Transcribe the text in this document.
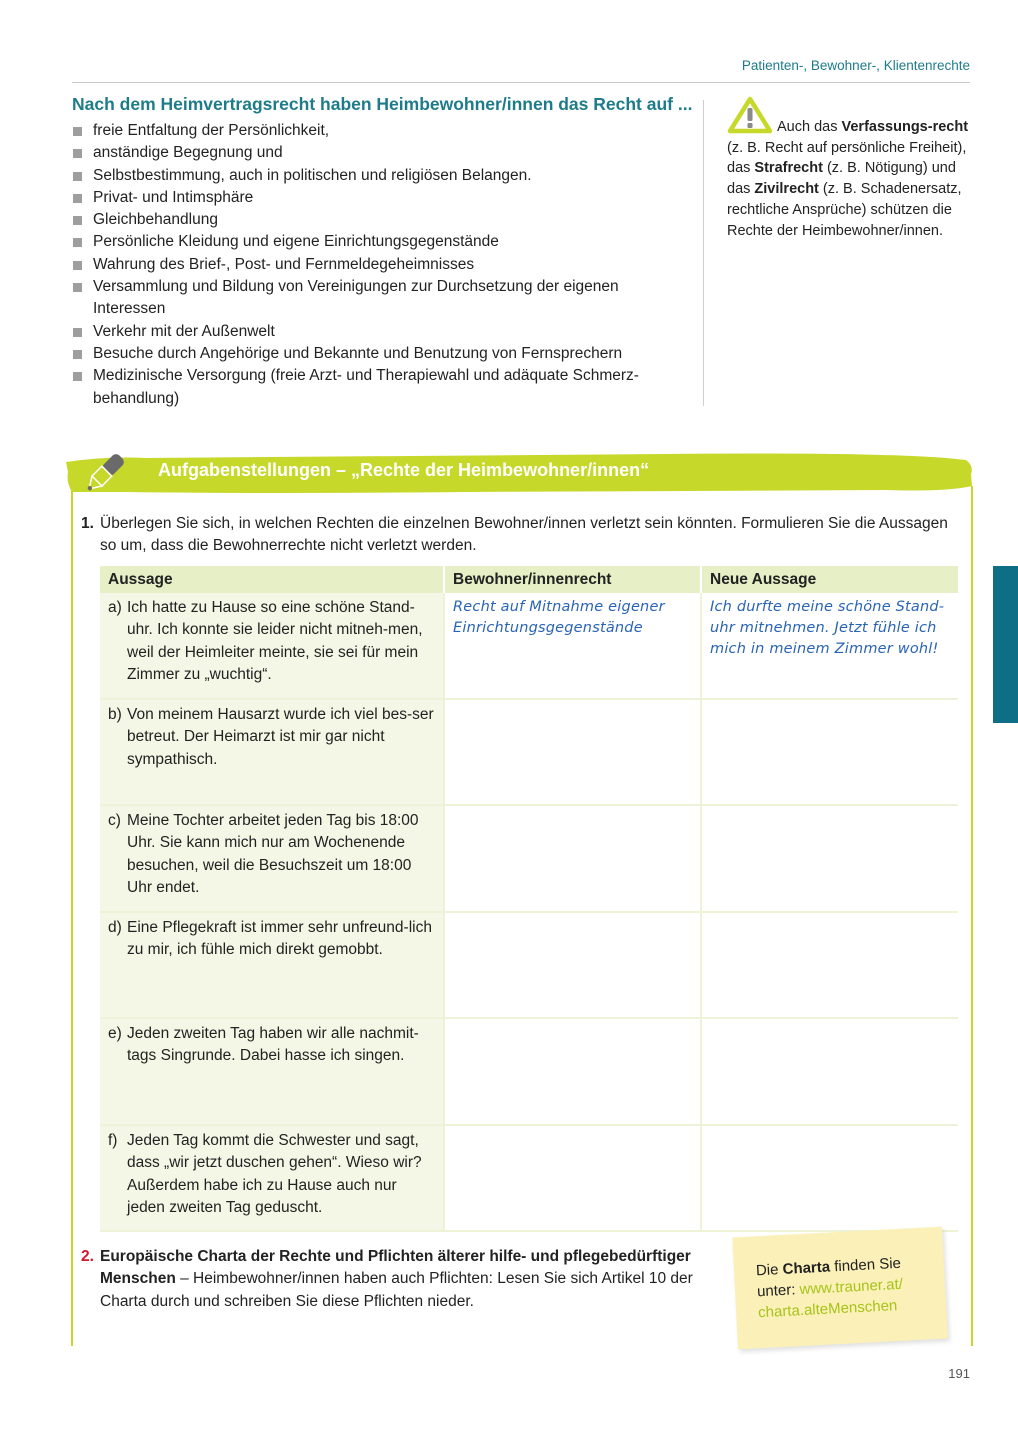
Patienten-, Bewohner-, Klientenrechte
Nach dem Heimvertragsrecht haben Heimbewohner/innen das Recht auf ...
freie Entfaltung der Persönlichkeit,
anständige Begegnung und
Selbstbestimmung, auch in politischen und religiösen Belangen.
Privat- und Intimsphäre
Gleichbehandlung
Persönliche Kleidung und eigene Einrichtungsgegenstände
Wahrung des Brief-, Post- und Fernmeldegeheimnisses
Versammlung und Bildung von Vereinigungen zur Durchsetzung der eigenen Interessen
Verkehr mit der Außenwelt
Besuche durch Angehörige und Bekannte und Benutzung von Fernsprechern
Medizinische Versorgung (freie Arzt- und Therapiewahl und adäquate Schmerz-behandlung)
Auch das Verfassungs-recht (z. B. Recht auf persönliche Freiheit), das Strafrecht (z. B. Nötigung) und das Zivilrecht (z. B. Schadenersatz, rechtliche Ansprüche) schützen die Rechte der Heimbewohner/innen.
Aufgabenstellungen – „Rechte der Heimbewohner/innen“
1. Überlegen Sie sich, in welchen Rechten die einzelnen Bewohner/innen verletzt sein könnten. Formulieren Sie die Aussagen so um, dass die Bewohnerrechte nicht verletzt werden.
Aussage	Bewohner/innenrecht	Neue Aussage

a) Ich hatte zu Hause so eine schöne Stand-uhr. Ich konnte sie leider nicht mitneh-men, weil der Heimleiter meinte, sie sei für mein Zimmer zu „wuchtig“.	Recht auf Mitnahme eigener Einrichtungsgegenstände	Ich durfte meine schöne Stand-uhr mitnehmen. Jetzt fühle ich mich in meinem Zimmer wohl!

b) Von meinem Hausarzt wurde ich viel bes-ser betreut. Der Heimarzt ist mir gar nicht sympathisch.		

c) Meine Tochter arbeitet jeden Tag bis 18:00 Uhr. Sie kann mich nur am Wochenende besuchen, weil die Besuchszeit um 18:00 Uhr endet.		

d) Eine Pflegekraft ist immer sehr unfreund-lich zu mir, ich fühle mich direkt gemobbt.		

e) Jeden zweiten Tag haben wir alle nachmit-tags Singrunde. Dabei hasse ich singen.		

f) Jeden Tag kommt die Schwester und sagt, dass „wir jetzt duschen gehen“. Wieso wir? Außerdem habe ich zu Hause auch nur jeden zweiten Tag geduscht.		

2. Europäische Charta der Rechte und Pflichten älterer hilfe- und pflegebedürftiger Menschen – Heimbewohner/innen haben auch Pflichten: Lesen Sie sich Artikel 10 der Charta durch und schreiben Sie diese Pflichten nieder.
Die Charta finden Sie unter: www.trauner.at/ charta.alteMenschen
191
